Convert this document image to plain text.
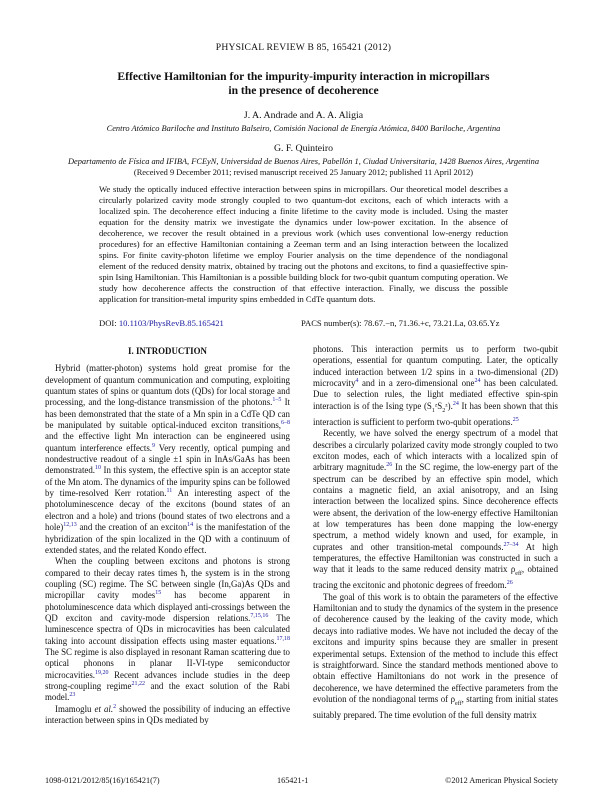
PHYSICAL REVIEW B 85, 165421 (2012)
Effective Hamiltonian for the impurity-impurity interaction in micropillars
in the presence of decoherence
J. A. Andrade and A. A. Aligia
Centro Atómico Bariloche and Instituto Balseiro, Comisión Nacional de Energía Atómica, 8400 Bariloche, Argentina
G. F. Quinteiro
Departamento de Física and IFIBA, FCEyN, Universidad de Buenos Aires, Pabellón 1, Ciudad Universitaria, 1428 Buenos Aires, Argentina
(Received 9 December 2011; revised manuscript received 25 January 2012; published 11 April 2012)
We study the optically induced effective interaction between spins in micropillars. Our theoretical model describes a circularly polarized cavity mode strongly coupled to two quantum-dot excitons, each of which interacts with a localized spin. The decoherence effect inducing a finite lifetime to the cavity mode is included. Using the master equation for the density matrix we investigate the dynamics under low-power excitation. In the absence of decoherence, we recover the result obtained in a previous work (which uses conventional low-energy reduction procedures) for an effective Hamiltonian containing a Zeeman term and an Ising interaction between the localized spins. For finite cavity-photon lifetime we employ Fourier analysis on the time dependence of the nondiagonal element of the reduced density matrix, obtained by tracing out the photons and excitons, to find a quasieffective spin-spin Ising Hamiltonian. This Hamiltonian is a possible building block for two-qubit quantum computing operation. We study how decoherence affects the construction of that effective interaction. Finally, we discuss the possible application for transition-metal impurity spins embedded in CdTe quantum dots.
DOI: 10.1103/PhysRevB.85.165421	PACS number(s): 78.67.−n, 71.36.+c, 73.21.La, 03.65.Yz
I. INTRODUCTION

Hybrid (matter-photon) systems hold great promise for the development of quantum communication and computing, exploiting quantum states of spins or quantum dots (QDs) for local storage and processing, and the long-distance transmission of the photons.$^{1-5}$ It has been demonstrated that the state of a Mn spin in a CdTe QD can be manipulated by suitable optical-induced exciton transitions,$^{6-8}$ and the effective light Mn interaction can be engineered using quantum interference effects.$^9$ Very recently, optical pumping and nondestructive readout of a single ±1 spin in InAs/GaAs has been demonstrated.$^{10}$ In this system, the effective spin is an acceptor state of the Mn atom. The dynamics of the impurity spins can be followed by time-resolved Kerr rotation.$^{11}$ An interesting aspect of the photoluminescence decay of the excitons (bound states of an electron and a hole) and trions (bound states of two electrons and a hole)$^{12,13}$ and the creation of an exciton$^{14}$ is the manifestation of the hybridization of the spin localized in the QD with a continuum of extended states, and the related Kondo effect.

When the coupling between excitons and photons is strong compared to their decay rates times ħ, the system is in the strong coupling (SC) regime. The SC between single (In,Ga)As QDs and micropillar cavity modes$^{15}$ has become apparent in photoluminescence data which displayed anti-crossings between the QD exciton and cavity-mode dispersion relations.$^{7,15,16}$ The luminescence spectra of QDs in microcavities has been calculated taking into account dissipation effects using master equations.$^{17,18}$ The SC regime is also displayed in resonant Raman scattering due to optical phonons in planar II-VI-type semiconductor microcavities.$^{19,20}$ Recent advances include studies in the deep strong-coupling regime$^{21,22}$ and the exact solution of the Rabi model.$^{23}$

Imamoglu et al.$^2$ showed the possibility of inducing an effective interaction between spins in QDs mediated by

photons. This interaction permits us to perform two-qubit operations, essential for quantum computing. Later, the optically induced interaction between 1/2 spins in a two-dimensional (2D) microcavity$^4$ and in a zero-dimensional one$^{24}$ has been calculated. Due to selection rules, the light mediated effective spin-spin interaction is of the Ising type $(S_1ᶻS_2ᶻ).^{24}$ It has been shown that this interaction is sufficient to perform two-qubit operations.$^{25}$

Recently, we have solved the energy spectrum of a model that describes a circularly polarized cavity mode strongly coupled to two exciton modes, each of which interacts with a localized spin of arbitrary magnitude.$^{26}$ In the SC regime, the low-energy part of the spectrum can be described by an effective spin model, which contains a magnetic field, an axial anisotropy, and an Ising interaction between the localized spins. Since decoherence effects were absent, the derivation of the low-energy effective Hamiltonian at low temperatures has been done mapping the low-energy spectrum, a method widely known and used, for example, in cuprates and other transition-metal compounds.$^{27-34}$ At high temperatures, the effective Hamiltonian was constructed in such a way that it leads to the same reduced density matrix $\rho_{eff}$, obtained tracing the excitonic and photonic degrees of freedom.$^{26}$

The goal of this work is to obtain the parameters of the effective Hamiltonian and to study the dynamics of the system in the presence of decoherence caused by the leaking of the cavity mode, which decays into radiative modes. We have not included the decay of the excitons and impurity spins because they are smaller in present experimental setups. Extension of the method to include this effect is straightforward. Since the standard methods mentioned above to obtain effective Hamiltonians do not work in the presence of decoherence, we have determined the effective parameters from the evolution of the nondiagonal terms of $\rho_{eff}$, starting from initial states suitably prepared. The time evolution of the full density matrix

1098-0121/2012/85(16)/165421(7)	165421-1	©2012 American Physical Society
